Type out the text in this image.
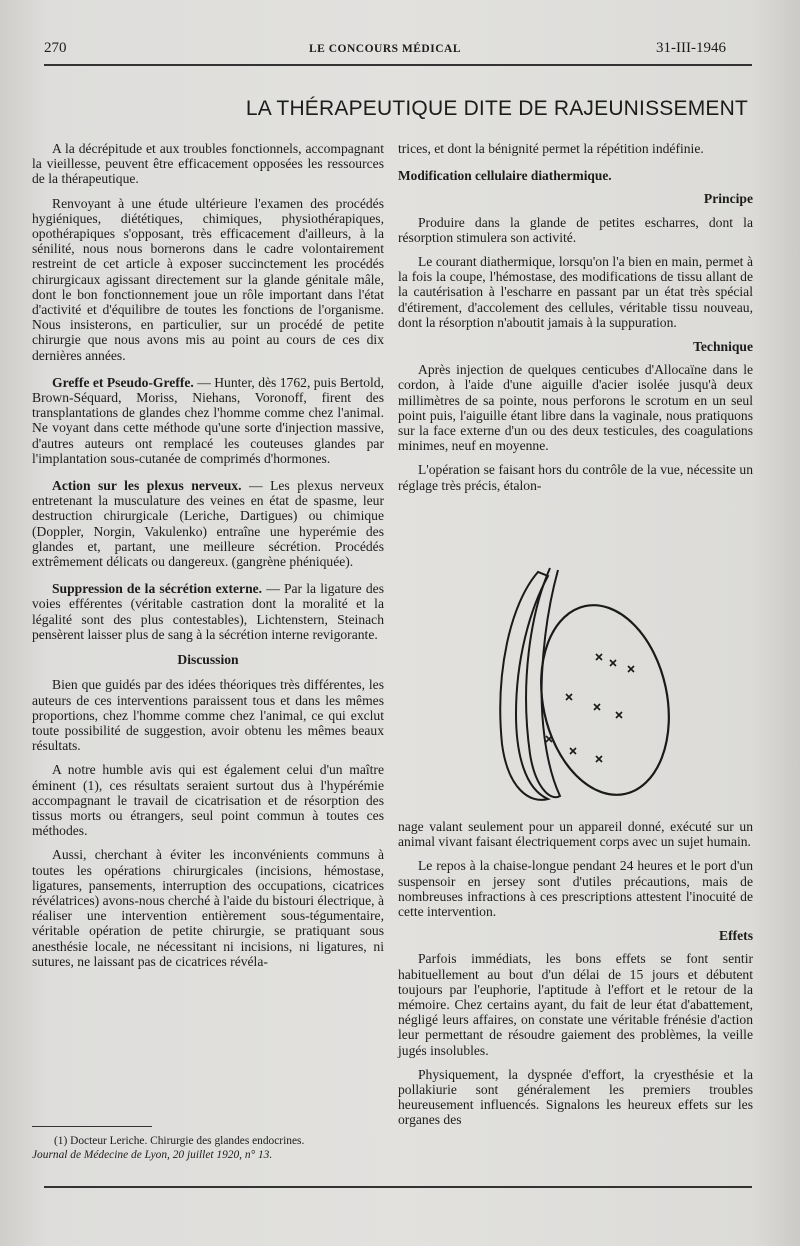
270	LE CONCOURS MÉDICAL	31-III-1946
LA THÉRAPEUTIQUE DITE DE RAJEUNISSEMENT

A la décrépitude et aux troubles fonctionnels, accompagnant la vieillesse, peuvent être efficacement opposées les ressources de la thérapeutique.

Renvoyant à une étude ultérieure l'examen des procédés hygiéniques, diététiques, chimiques, physiothérapiques, opothérapiques s'opposant, très efficacement d'ailleurs, à la sénilité, nous nous bornerons dans le cadre volontairement restreint de cet article à exposer succinctement les procédés chirurgicaux agissant directement sur la glande génitale mâle, dont le bon fonctionnement joue un rôle important dans l'état d'activité et d'équilibre de toutes les fonctions de l'organisme. Nous insisterons, en particulier, sur un procédé de petite chirurgie que nous avons mis au point au cours de ces dix dernières années.

Greffe et Pseudo-Greffe. — Hunter, dès 1762, puis Bertold, Brown-Séquard, Moriss, Niehans, Voronoff, firent des transplantations de glandes chez l'homme comme chez l'animal. Ne voyant dans cette méthode qu'une sorte d'injection massive, d'autres auteurs ont remplacé les couteuses glandes par l'implantation sous-cutanée de comprimés d'hormones.

Action sur les plexus nerveux. — Les plexus nerveux entretenant la musculature des veines en état de spasme, leur destruction chirurgicale (Leriche, Dartigues) ou chimique (Doppler, Norgin, Vakulenko) entraîne une hyperémie des glandes et, partant, une meilleure sécrétion. Procédés extrêmement délicats ou dangereux. (gangrène phéniquée).

Suppression de la sécrétion externe. — Par la ligature des voies efférentes (véritable castration dont la moralité et la légalité sont des plus contestables), Lichtenstern, Steinach pensèrent laisser plus de sang à la sécrétion interne revigorante.

Discussion

Bien que guidés par des idées théoriques très différentes, les auteurs de ces interventions paraissent tous et dans les mêmes proportions, chez l'homme comme chez l'animal, ce qui exclut toute possibilité de suggestion, avoir obtenu les mêmes beaux résultats.

A notre humble avis qui est également celui d'un maître éminent (1), ces résultats seraient surtout dus à l'hypérémie accompagnant le travail de cicatrisation et de résorption des tissus morts ou étrangers, seul point commun à toutes ces méthodes.

Aussi, cherchant à éviter les inconvénients communs à toutes les opérations chirurgicales (incisions, hémostase, ligatures, pansements, interruption des occupations, cicatrices révélatrices) avons-nous cherché à l'aide du bistouri électrique, à réaliser une intervention entièrement sous-tégumentaire, véritable opération de petite chirurgie, se pratiquant sous anesthésie locale, ne nécessitant ni incisions, ni ligatures, ni sutures, ne laissant pas de cicatrices révéla-

(1) Docteur Leriche. Chirurgie des glandes endocrines.
Journal de Médecine de Lyon, 20 juillet 1920, n° 13.

trices, et dont la bénignité permet la répétition indéfinie.

Modification cellulaire diathermique.
Principe

Produire dans la glande de petites escharres, dont la résorption stimulera son activité.

Le courant diathermique, lorsqu'on l'a bien en main, permet à la fois la coupe, l'hémostase, des modifications de tissu allant de la cautérisation à l'escharre en passant par un état très spécial d'étirement, d'accolement des cellules, véritable tissu nouveau, dont la résorption n'aboutit jamais à la suppuration.

Technique

Après injection de quelques centicubes d'Allocaïne dans le cordon, à l'aide d'une aiguille d'acier isolée jusqu'à deux millimètres de sa pointe, nous perforons le scrotum en un seul point puis, l'aiguille étant libre dans la vaginale, nous pratiquons sur la face externe d'un ou des deux testicules, des coagulations minimes, neuf en moyenne.

L'opération se faisant hors du contrôle de la vue, nécessite un réglage très précis, étalon-

nage valant seulement pour un appareil donné, exécuté sur un animal vivant faisant électriquement corps avec un sujet humain.

Le repos à la chaise-longue pendant 24 heures et le port d'un suspensoir en jersey sont d'utiles précautions, mais de nombreuses infractions à ces prescriptions attestent l'inocuité de cette intervention.

Effets

Parfois immédiats, les bons effets se font sentir habituellement au bout d'un délai de 15 jours et débutent toujours par l'euphorie, l'aptitude à l'effort et le retour de la mémoire. Chez certains ayant, du fait de leur état d'abattement, négligé leurs affaires, on constate une véritable frénésie d'action leur permettant de résoudre gaiement des problèmes, la veille jugés insolubles.

Physiquement, la dyspnée d'effort, la cryesthésie et la pollakiurie sont généralement les premiers troubles heureusement influencés. Signalons les heureux effets sur les organes des
